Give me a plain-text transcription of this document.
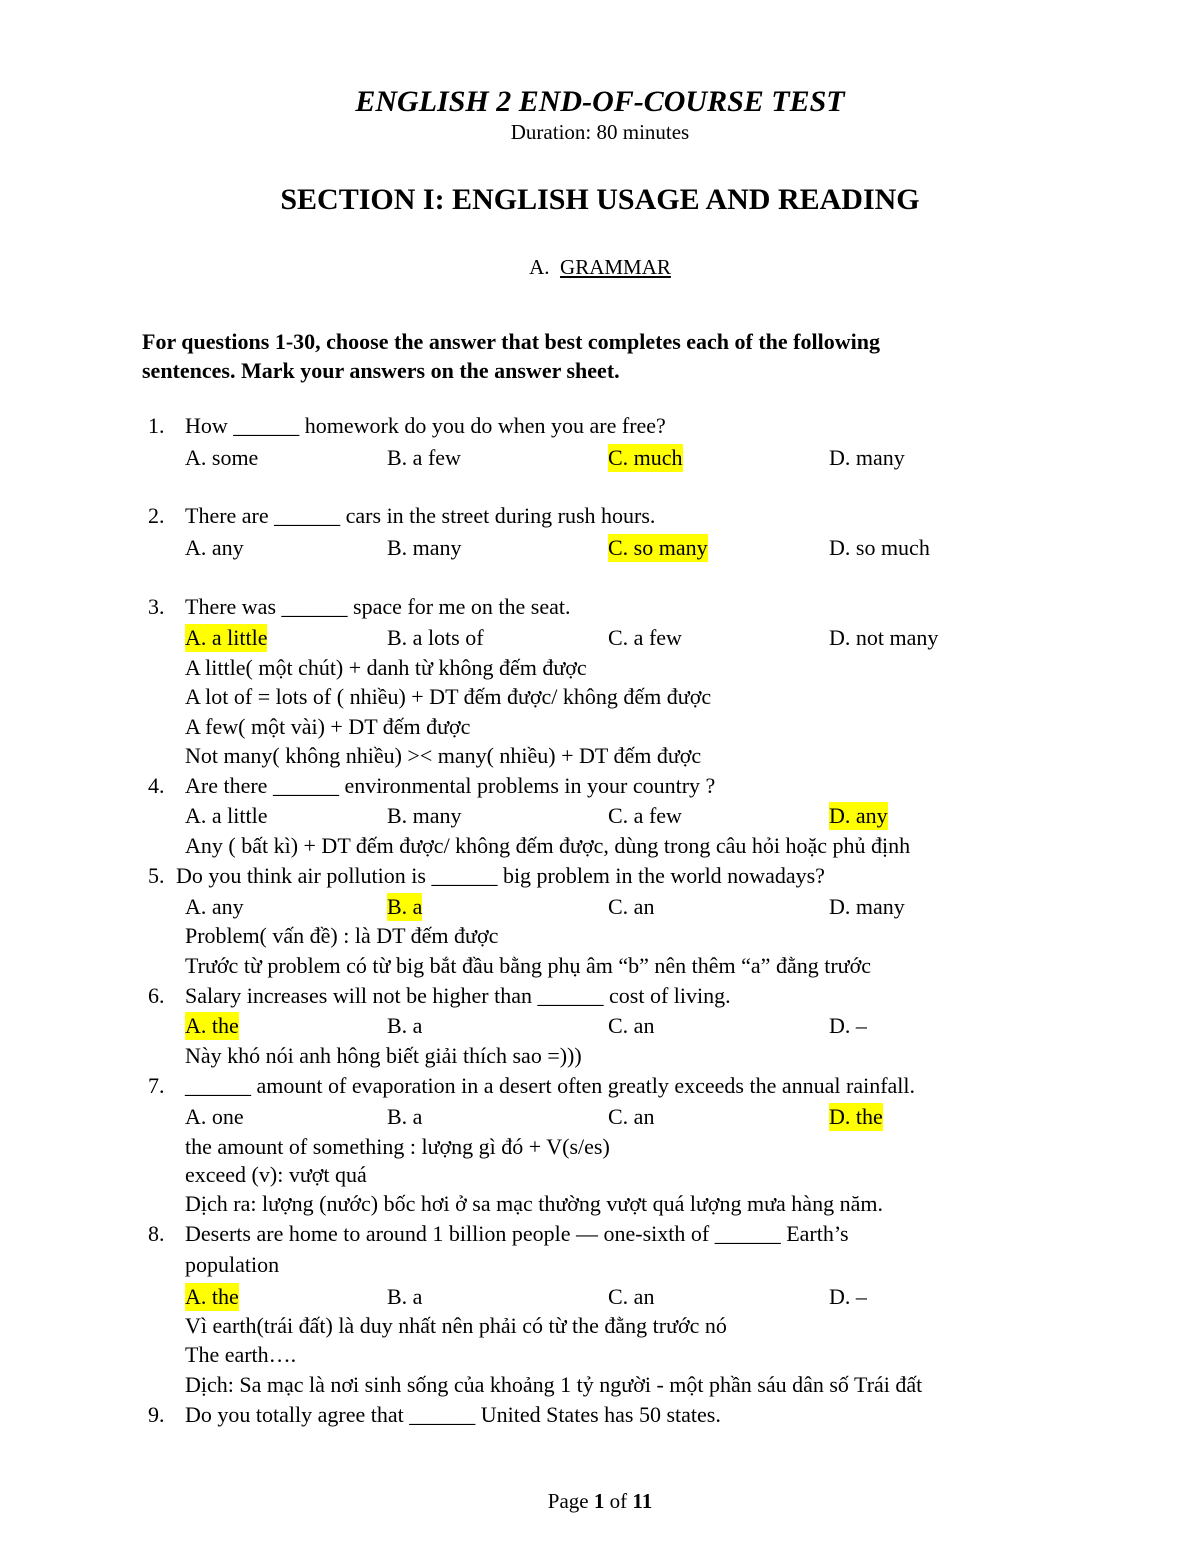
ENGLISH 2 END-OF-COURSE TEST
Duration: 80 minutes
SECTION I: ENGLISH USAGE AND READING
A. GRAMMAR
For questions 1-30, choose the answer that best completes each of the following
sentences. Mark your answers on the answer sheet.
1. How ______ homework do you do when you are free?
A. some	B. a few	C. much	D. many
2. There are ______ cars in the street during rush hours.
A. any	B. many	C. so many	D. so much
3. There was ______ space for me on the seat.
A. a little	B. a lots of	C. a few	D. not many
A little( một chút) + danh từ không đếm được
A lot of = lots of ( nhiều) + DT đếm được/ không đếm được
A few( một vài) + DT đếm được
Not many( không nhiều) >< many( nhiều) + DT đếm được
4. Are there ______ environmental problems in your country ?
A. a little	B. many	C. a few	D. any
Any ( bất kì) + DT đếm được/ không đếm được, dùng trong câu hỏi hoặc phủ định
5. Do you think air pollution is ______ big problem in the world nowadays?
A. any	B. a	C. an	D. many
Problem( vấn đề) : là DT đếm được
Trước từ problem có từ big bắt đầu bằng phụ âm “b” nên thêm “a” đằng trước
6. Salary increases will not be higher than ______ cost of living.
A. the	B. a	C. an	D. –
Này khó nói anh hông biết giải thích sao =)))
7. ______ amount of evaporation in a desert often greatly exceeds the annual rainfall.
A. one	B. a	C. an	D. the
the amount of something : lượng gì đó + V(s/es)
exceed (v): vượt quá
Dịch ra: lượng (nước) bốc hơi ở sa mạc thường vượt quá lượng mưa hàng năm.
8. Deserts are home to around 1 billion people — one-sixth of ______ Earth’s
population
A. the	B. a	C. an	D. –
Vì earth(trái đất) là duy nhất nên phải có từ the đằng trước nó
The earth….
Dịch: Sa mạc là nơi sinh sống của khoảng 1 tỷ người - một phần sáu dân số Trái đất
9. Do you totally agree that ______ United States has 50 states.
Page 1 of 11
